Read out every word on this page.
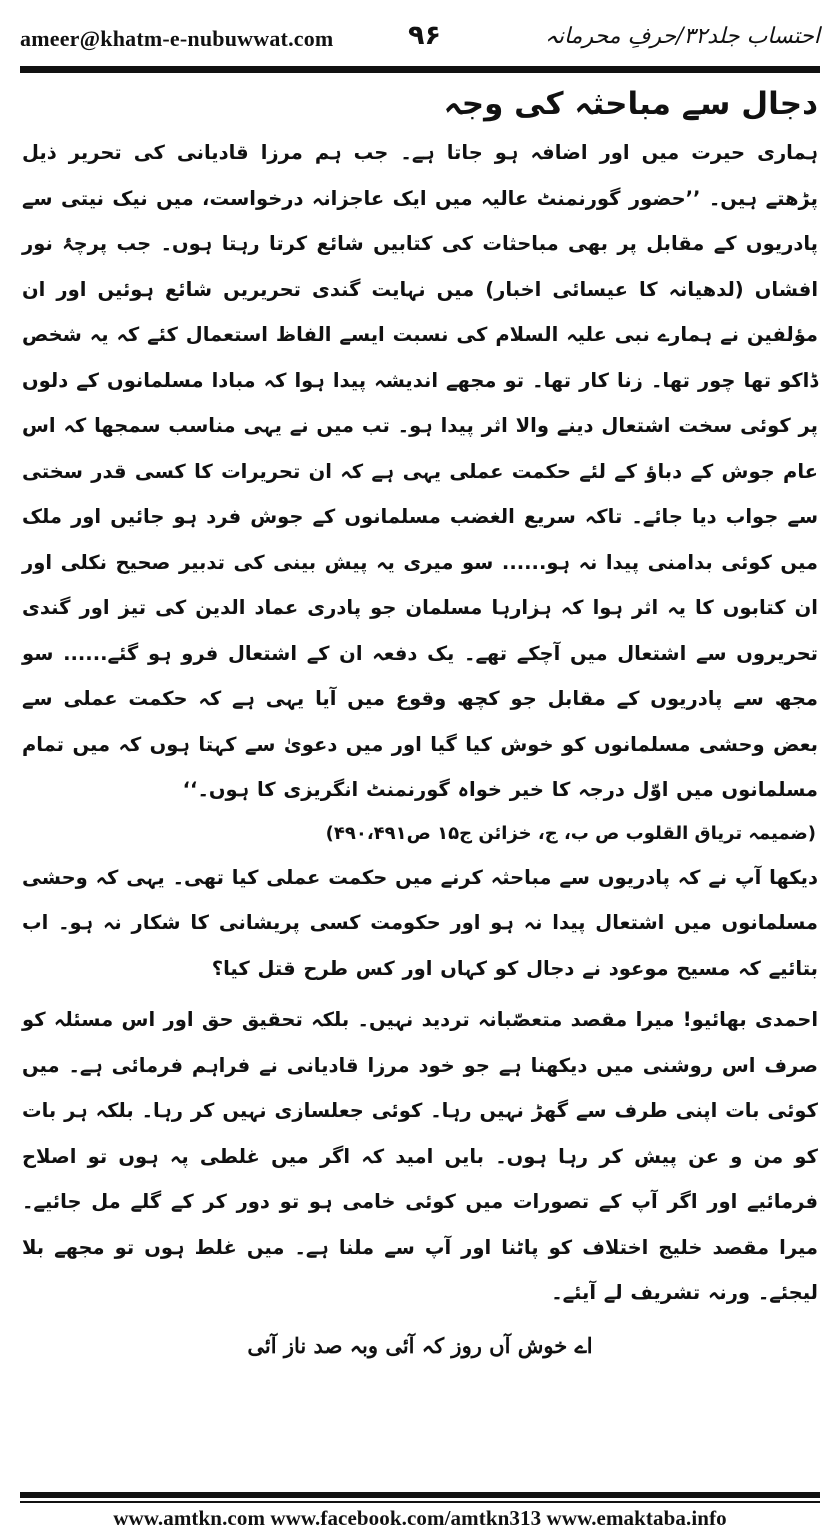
ameer@khatm-e-nubuwwat.com	۹۶	احتساب جلد۳۲/حرفِ محرمانہ
دجال سے مباحثہ کی وجہ

ہماری حیرت میں اور اضافہ ہو جاتا ہے۔ جب ہم مرزا قادیانی کی تحریر ذیل پڑھتے ہیں۔ ’’حضور گورنمنٹ عالیہ میں ایک عاجزانہ درخواست، میں نیک نیتی سے پادریوں کے مقابل پر بھی مباحثات کی کتابیں شائع کرتا رہتا ہوں۔ جب پرچۂ نور افشاں (لدھیانہ کا عیسائی اخبار) میں نہایت گندی تحریریں شائع ہوئیں اور ان مؤلفین نے ہمارے نبی علیہ السلام کی نسبت ایسے الفاظ استعمال کئے کہ یہ شخص ڈاکو تھا چور تھا۔ زنا کار تھا۔ تو مجھے اندیشہ پیدا ہوا کہ مبادا مسلمانوں کے دلوں پر کوئی سخت اشتعال دینے والا اثر پیدا ہو۔ تب میں نے یہی مناسب سمجھا کہ اس عام جوش کے دباؤ کے لئے حکمت عملی یہی ہے کہ ان تحریرات کا کسی قدر سختی سے جواب دیا جائے۔ تاکہ سریع الغضب مسلمانوں کے جوش فرد ہو جائیں اور ملک میں کوئی بدامنی پیدا نہ ہو...... سو میری یہ پیش بینی کی تدبیر صحیح نکلی اور ان کتابوں کا یہ اثر ہوا کہ ہزارہا مسلمان جو پادری عماد الدین کی تیز اور گندی تحریروں سے اشتعال میں آچکے تھے۔ یک دفعہ ان کے اشتعال فرو ہو گئے...... سو مجھ سے پادریوں کے مقابل جو کچھ وقوع میں آیا یہی ہے کہ حکمت عملی سے بعض وحشی مسلمانوں کو خوش کیا گیا اور میں دعویٰ سے کہتا ہوں کہ میں تمام مسلمانوں میں اوّل درجہ کا خیر خواہ گورنمنٹ انگریزی کا ہوں۔‘‘

(ضمیمہ تریاق القلوب ص ب، ج، خزائن ج۱۵ ص۴۹۰،۴۹۱)

دیکھا آپ نے کہ پادریوں سے مباحثہ کرنے میں حکمت عملی کیا تھی۔ یہی کہ وحشی مسلمانوں میں اشتعال پیدا نہ ہو اور حکومت کسی پریشانی کا شکار نہ ہو۔ اب بتائیے کہ مسیح موعود نے دجال کو کہاں اور کس طرح قتل کیا؟

احمدی بھائیو! میرا مقصد متعصّبانہ تردید نہیں۔ بلکہ تحقیق حق اور اس مسئلہ کو صرف اس روشنی میں دیکھنا ہے جو خود مرزا قادیانی نے فراہم فرمائی ہے۔ میں کوئی بات اپنی طرف سے گھڑ نہیں رہا۔ کوئی جعلسازی نہیں کر رہا۔ بلکہ ہر بات کو من و عن پیش کر رہا ہوں۔ بایں امید کہ اگر میں غلطی پہ ہوں تو اصلاح فرمائیے اور اگر آپ کے تصورات میں کوئی خامی ہو تو دور کر کے گلے مل جائیے۔ میرا مقصد خلیج اختلاف کو پاٹنا اور آپ سے ملنا ہے۔ میں غلط ہوں تو مجھے بلا لیجئے۔ ورنہ تشریف لے آیئے۔

اے خوش آں روز کہ آئی وبہ صد ناز آئی

www.amtkn.com www.facebook.com/amtkn313 www.emaktaba.info
